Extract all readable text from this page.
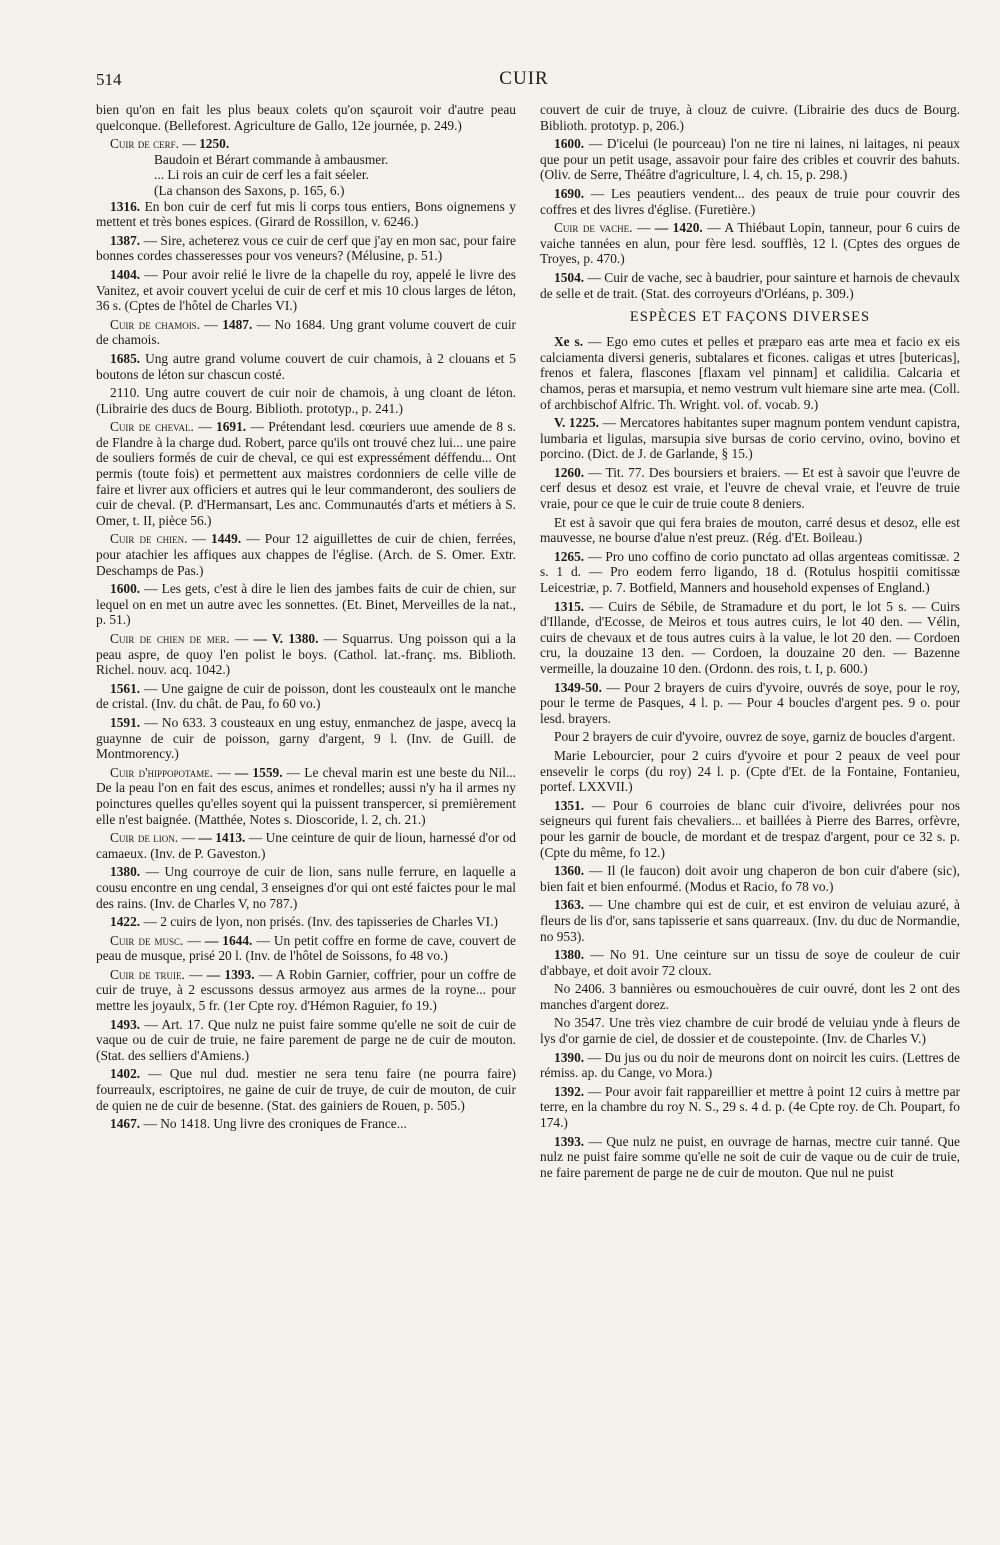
514	CUIR

bien qu'on en fait les plus beaux colets qu'on sçauroit voir d'autre peau quelconque. (Belleforest. Agriculture de Gallo, 12e journée, p. 249.)

Cuir de cerf. — 1250.

Baudoin et Bérart commande à ambausmer.
... Li rois an cuir de cerf les a fait séeler.
(La chanson des Saxons, p. 165, 6.)

1316. En bon cuir de cerf fut mis li corps tous entiers, Bons oignemens y mettent et très bones espices. (Girard de Rossillon, v. 6246.)

1387. — Sire, acheterez vous ce cuir de cerf que j'ay en mon sac, pour faire bonnes cordes chasseresses pour vos veneurs? (Mélusine, p. 51.)

1404. — Pour avoir relié le livre de la chapelle du roy, appelé le livre des Vanitez, et avoir couvert ycelui de cuir de cerf et mis 10 clous larges de léton, 36 s. (Cptes de l'hôtel de Charles VI.)

Cuir de chamois. — 1487. — No 1684. Ung grant volume couvert de cuir de chamois.

1685. Ung autre grand volume couvert de cuir chamois, à 2 clouans et 5 boutons de léton sur chascun costé.

2110. Ung autre couvert de cuir noir de chamois, à ung cloant de léton. (Librairie des ducs de Bourg. Biblioth. prototyp., p. 241.)

Cuir de cheval. — 1691. — Prétendant lesd. cœuriers uue amende de 8 s. de Flandre à la charge dud. Robert, parce qu'ils ont trouvé chez lui... une paire de souliers formés de cuir de cheval, ce qui est expressément déffendu... Ont permis (toute fois) et permettent aux maistres cordonniers de celle ville de faire et livrer aux officiers et autres qui le leur commanderont, des souliers de cuir de cheval. (P. d'Hermansart, Les anc. Communautés d'arts et métiers à S. Omer, t. II, pièce 56.)

Cuir de chien. — 1449. — Pour 12 aiguillettes de cuir de chien, ferrées, pour atachier les affiques aux chappes de l'église. (Arch. de S. Omer. Extr. Deschamps de Pas.)

1600. — Les gets, c'est à dire le lien des jambes faits de cuir de chien, sur lequel on en met un autre avec les sonnettes. (Et. Binet, Merveilles de la nat., p. 51.)

Cuir de chien de mer. — — V. 1380. — Squarrus. Ung poisson qui a la peau aspre, de quoy l'en polist le boys. (Cathol. lat.-franç. ms. Biblioth. Richel. nouv. acq. 1042.)

1561. — Une gaigne de cuir de poisson, dont les cousteaulx ont le manche de cristal. (Inv. du chât. de Pau, fo 60 vo.)

1591. — No 633. 3 cousteaux en ung estuy, enmanchez de jaspe, avecq la guaynne de cuir de poisson, garny d'argent, 9 l. (Inv. de Guill. de Montmorency.)

Cuir d'hippopotame. — — 1559. — Le cheval marin est une beste du Nil... De la peau l'on en fait des escus, animes et rondelles; aussi n'y ha il armes ny poinctures quelles qu'elles soyent qui la puissent transpercer, si premièrement elle n'est baignée. (Matthée, Notes s. Dioscoride, l. 2, ch. 21.)

Cuir de lion. — — 1413. — Une ceinture de quir de lioun, harnessé d'or od camaeux. (Inv. de P. Gaveston.)

1380. — Ung courroye de cuir de lion, sans nulle ferrure, en laquelle a cousu encontre en ung cendal, 3 enseignes d'or qui ont esté faictes pour le mal des rains. (Inv. de Charles V, no 787.)

1422. — 2 cuirs de lyon, non prisés. (Inv. des tapisseries de Charles VI.)

Cuir de musc. — — 1644. — Un petit coffre en forme de cave, couvert de peau de musque, prisé 20 l. (Inv. de l'hôtel de Soissons, fo 48 vo.)

Cuir de truie. — — 1393. — A Robin Garnier, coffrier, pour un coffre de cuir de truye, à 2 escussons dessus armoyez aus armes de la royne... pour mettre les joyaulx, 5 fr. (1er Cpte roy. d'Hémon Raguier, fo 19.)

1493. — Art. 17. Que nulz ne puist faire somme qu'elle ne soit de cuir de vaque ou de cuir de truie, ne faire parement de parge ne de cuir de mouton. (Stat. des selliers d'Amiens.)

1402. — Que nul dud. mestier ne sera tenu faire (ne pourra faire) fourreaulx, escriptoires, ne gaine de cuir de truye, de cuir de mouton, de cuir de quien ne de cuir de besenne. (Stat. des gainiers de Rouen, p. 505.)

1467. — No 1418. Ung livre des croniques de France...

couvert de cuir de truye, à clouz de cuivre. (Librairie des ducs de Bourg. Biblioth. prototyp. p, 206.)

1600. — D'icelui (le pourceau) l'on ne tire ni laines, ni laitages, ni peaux que pour un petit usage, assavoir pour faire des cribles et couvrir des bahuts. (Oliv. de Serre, Théâtre d'agriculture, l. 4, ch. 15, p. 298.)

1690. — Les peautiers vendent... des peaux de truie pour couvrir des coffres et des livres d'église. (Furetière.)

Cuir de vache. — — 1420. — A Thiébaut Lopin, tanneur, pour 6 cuirs de vaiche tannées en alun, pour fère lesd. soufflès, 12 l. (Cptes des orgues de Troyes, p. 470.)

1504. — Cuir de vache, sec à baudrier, pour sainture et harnois de chevaulx de selle et de trait. (Stat. des corroyeurs d'Orléans, p. 309.)

ESPÈCES ET FAÇONS DIVERSES

Xe s. — Ego emo cutes et pelles et præparo eas arte mea et facio ex eis calciamenta diversi generis, subtalares et ficones. caligas et utres [butericas], frenos et falera, flascones [flaxam vel pinnam] et calidilia. Calcaria et chamos, peras et marsupia, et nemo vestrum vult hiemare sine arte mea. (Coll. of archbischof Alfric. Th. Wright. vol. of. vocab. 9.)

V. 1225. — Mercatores habitantes super magnum pontem vendunt capistra, lumbaria et ligulas, marsupia sive bursas de corio cervino, ovino, bovino et porcino. (Dict. de J. de Garlande, § 15.)

1260. — Tit. 77. Des boursiers et braiers. — Et est à savoir que l'euvre de cerf desus et desoz est vraie, et l'euvre de cheval vraie, et l'euvre de truie vraie, pour ce que le cuir de truie coute 8 deniers.

Et est à savoir que qui fera braies de mouton, carré desus et desoz, elle est mauvesse, ne bourse d'alue n'est preuz. (Rég. d'Et. Boileau.)

1265. — Pro uno coffino de corio punctato ad ollas argenteas comitissæ. 2 s. 1 d. — Pro eodem ferro ligando, 18 d. (Rotulus hospitii comitissæ Leicestriæ, p. 7. Botfield, Manners and household expenses of England.)

1315. — Cuirs de Sébile, de Stramadure et du port, le lot 5 s. — Cuirs d'Illande, d'Ecosse, de Meiros et tous autres cuirs, le lot 40 den. — Vélin, cuirs de chevaux et de tous autres cuirs à la value, le lot 20 den. — Cordoen cru, la douzaine 13 den. — Cordoen, la douzaine 20 den. — Bazenne vermeille, la douzaine 10 den. (Ordonn. des rois, t. I, p. 600.)

1349-50. — Pour 2 brayers de cuirs d'yvoire, ouvrés de soye, pour le roy, pour le terme de Pasques, 4 l. p. — Pour 4 boucles d'argent pes. 9 o. pour lesd. brayers.

Pour 2 brayers de cuir d'yvoire, ouvrez de soye, garniz de boucles d'argent.

Marie Lebourcier, pour 2 cuirs d'yvoire et pour 2 peaux de veel pour ensevelir le corps (du roy) 24 l. p. (Cpte d'Et. de la Fontaine, Fontanieu, portef. LXXVII.)

1351. — Pour 6 courroies de blanc cuir d'ivoire, delivrées pour nos seigneurs qui furent fais chevaliers... et baillées à Pierre des Barres, orfèvre, pour les garnir de boucle, de mordant et de trespaz d'argent, pour ce 32 s. p. (Cpte du même, fo 12.)

1360. — Il (le faucon) doit avoir ung chaperon de bon cuir d'abere (sic), bien fait et bien enfourmé. (Modus et Racio, fo 78 vo.)

1363. — Une chambre qui est de cuir, et est environ de veluiau azuré, à fleurs de lis d'or, sans tapisserie et sans quarreaux. (Inv. du duc de Normandie, no 953).

1380. — No 91. Une ceinture sur un tissu de soye de couleur de cuir d'abbaye, et doit avoir 72 cloux.

No 2406. 3 bannières ou esmouchouères de cuir ouvré, dont les 2 ont des manches d'argent dorez.

No 3547. Une très viez chambre de cuir brodé de veluiau ynde à fleurs de lys d'or garnie de ciel, de dossier et de coustepointe. (Inv. de Charles V.)

1390. — Du jus ou du noir de meurons dont on noircit les cuirs. (Lettres de rémiss. ap. du Cange, vo Mora.)

1392. — Pour avoir fait rappareillier et mettre à point 12 cuirs à mettre par terre, en la chambre du roy N. S., 29 s. 4 d. p. (4e Cpte roy. de Ch. Poupart, fo 174.)

1393. — Que nulz ne puist, en ouvrage de harnas, mectre cuir tanné. Que nulz ne puist faire somme qu'elle ne soit de cuir de vaque ou de cuir de truie, ne faire parement de parge ne de cuir de mouton. Que nul ne puist
